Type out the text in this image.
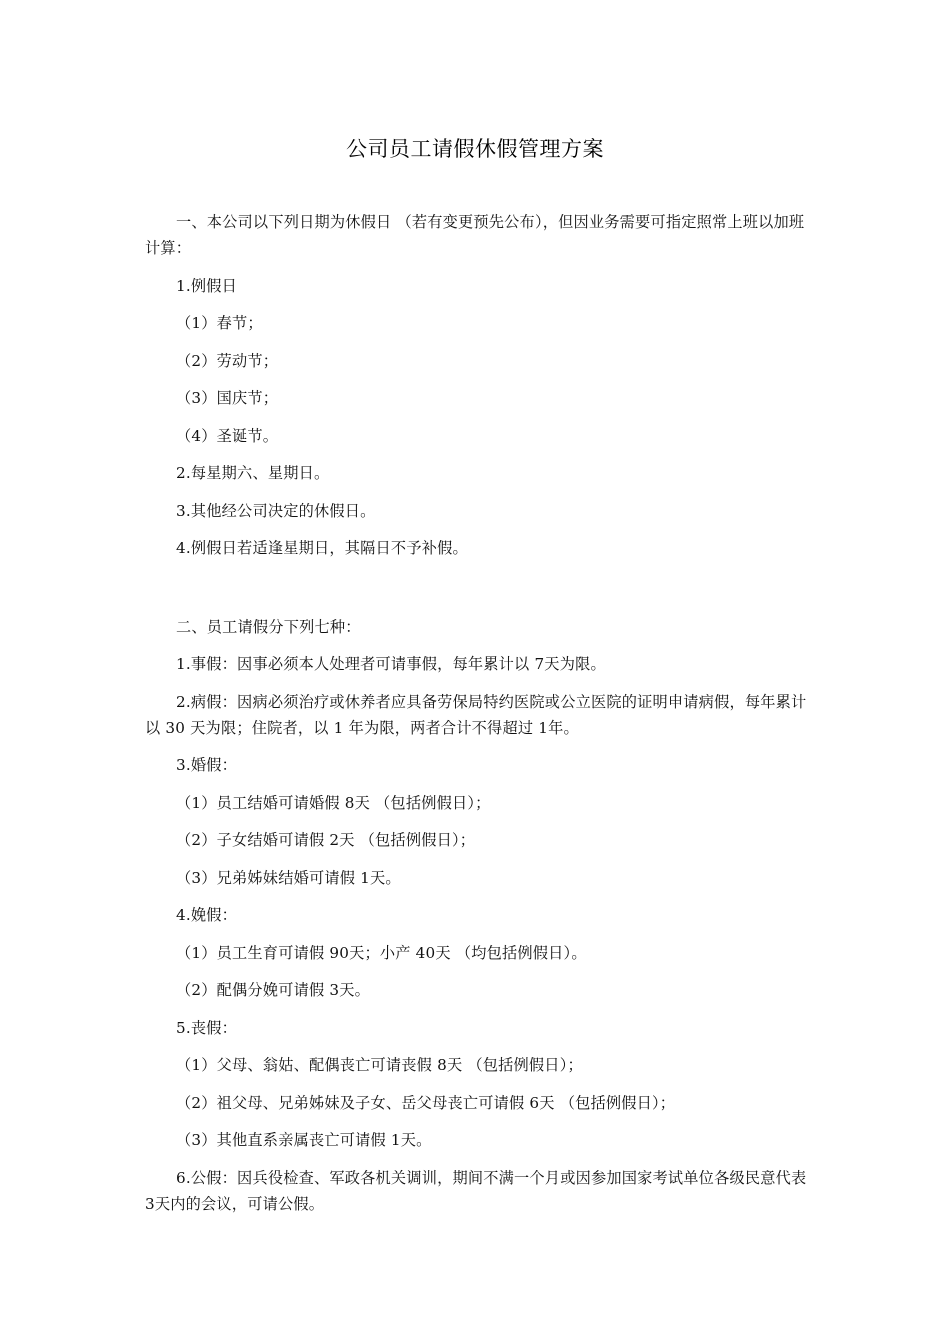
公司员工请假休假管理方案

一、本公司以下列日期为休假日 （若有变更预先公布），但因业务需要可指定照常上班以加班计算：

1.例假日

（1）春节；

（2）劳动节；

（3）国庆节；

（4）圣诞节。

2.每星期六、星期日。

3.其他经公司决定的休假日。

4.例假日若适逢星期日，其隔日不予补假。

二、员工请假分下列七种：

1.事假：因事必须本人处理者可请事假，每年累计以 7天为限。

2.病假：因病必须治疗或休养者应具备劳保局特约医院或公立医院的证明申请病假，每年累计以 30 天为限；住院者，以 1 年为限，两者合计不得超过 1年。

3.婚假：

（1）员工结婚可请婚假 8天 （包括例假日）；

（2）子女结婚可请假 2天 （包括例假日）；

（3）兄弟姊妹结婚可请假 1天。

4.娩假：

（1）员工生育可请假 90天；小产 40天 （均包括例假日）。

（2）配偶分娩可请假 3天。

5.丧假：

（1）父母、翁姑、配偶丧亡可请丧假 8天 （包括例假日）；

（2）祖父母、兄弟姊妹及子女、岳父母丧亡可请假 6天 （包括例假日）；

（3）其他直系亲属丧亡可请假 1天。

6.公假：因兵役检查、军政各机关调训，期间不满一个月或因参加国家考试单位各级民意代表 3天内的会议，可请公假。
